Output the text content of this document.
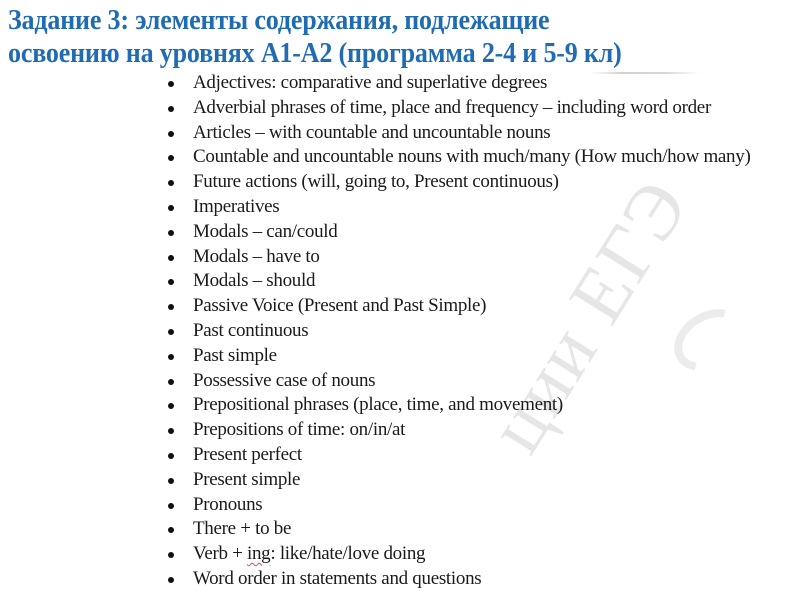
Задание 3: элементы содержания, подлежащие
освоению на уровнях А1-А2 (программа 2-4 и 5-9 кл)
ции ЕГЭ
Adjectives: comparative and superlative degrees
Adverbial phrases of time, place and frequency – including word order
Articles – with countable and uncountable nouns
Countable and uncountable nouns with much/many (How much/how many)
Future actions (will, going to, Present continuous)
Imperatives
Modals – can/could
Modals – have to
Modals – should
Passive Voice (Present and Past Simple)
Past continuous
Past simple
Possessive case of nouns
Prepositional phrases (place, time, and movement)
Prepositions of time: on/in/at
Present perfect
Present simple
Pronouns
There + to be
Verb + ing: like/hate/love doing
Word order in statements and questions
